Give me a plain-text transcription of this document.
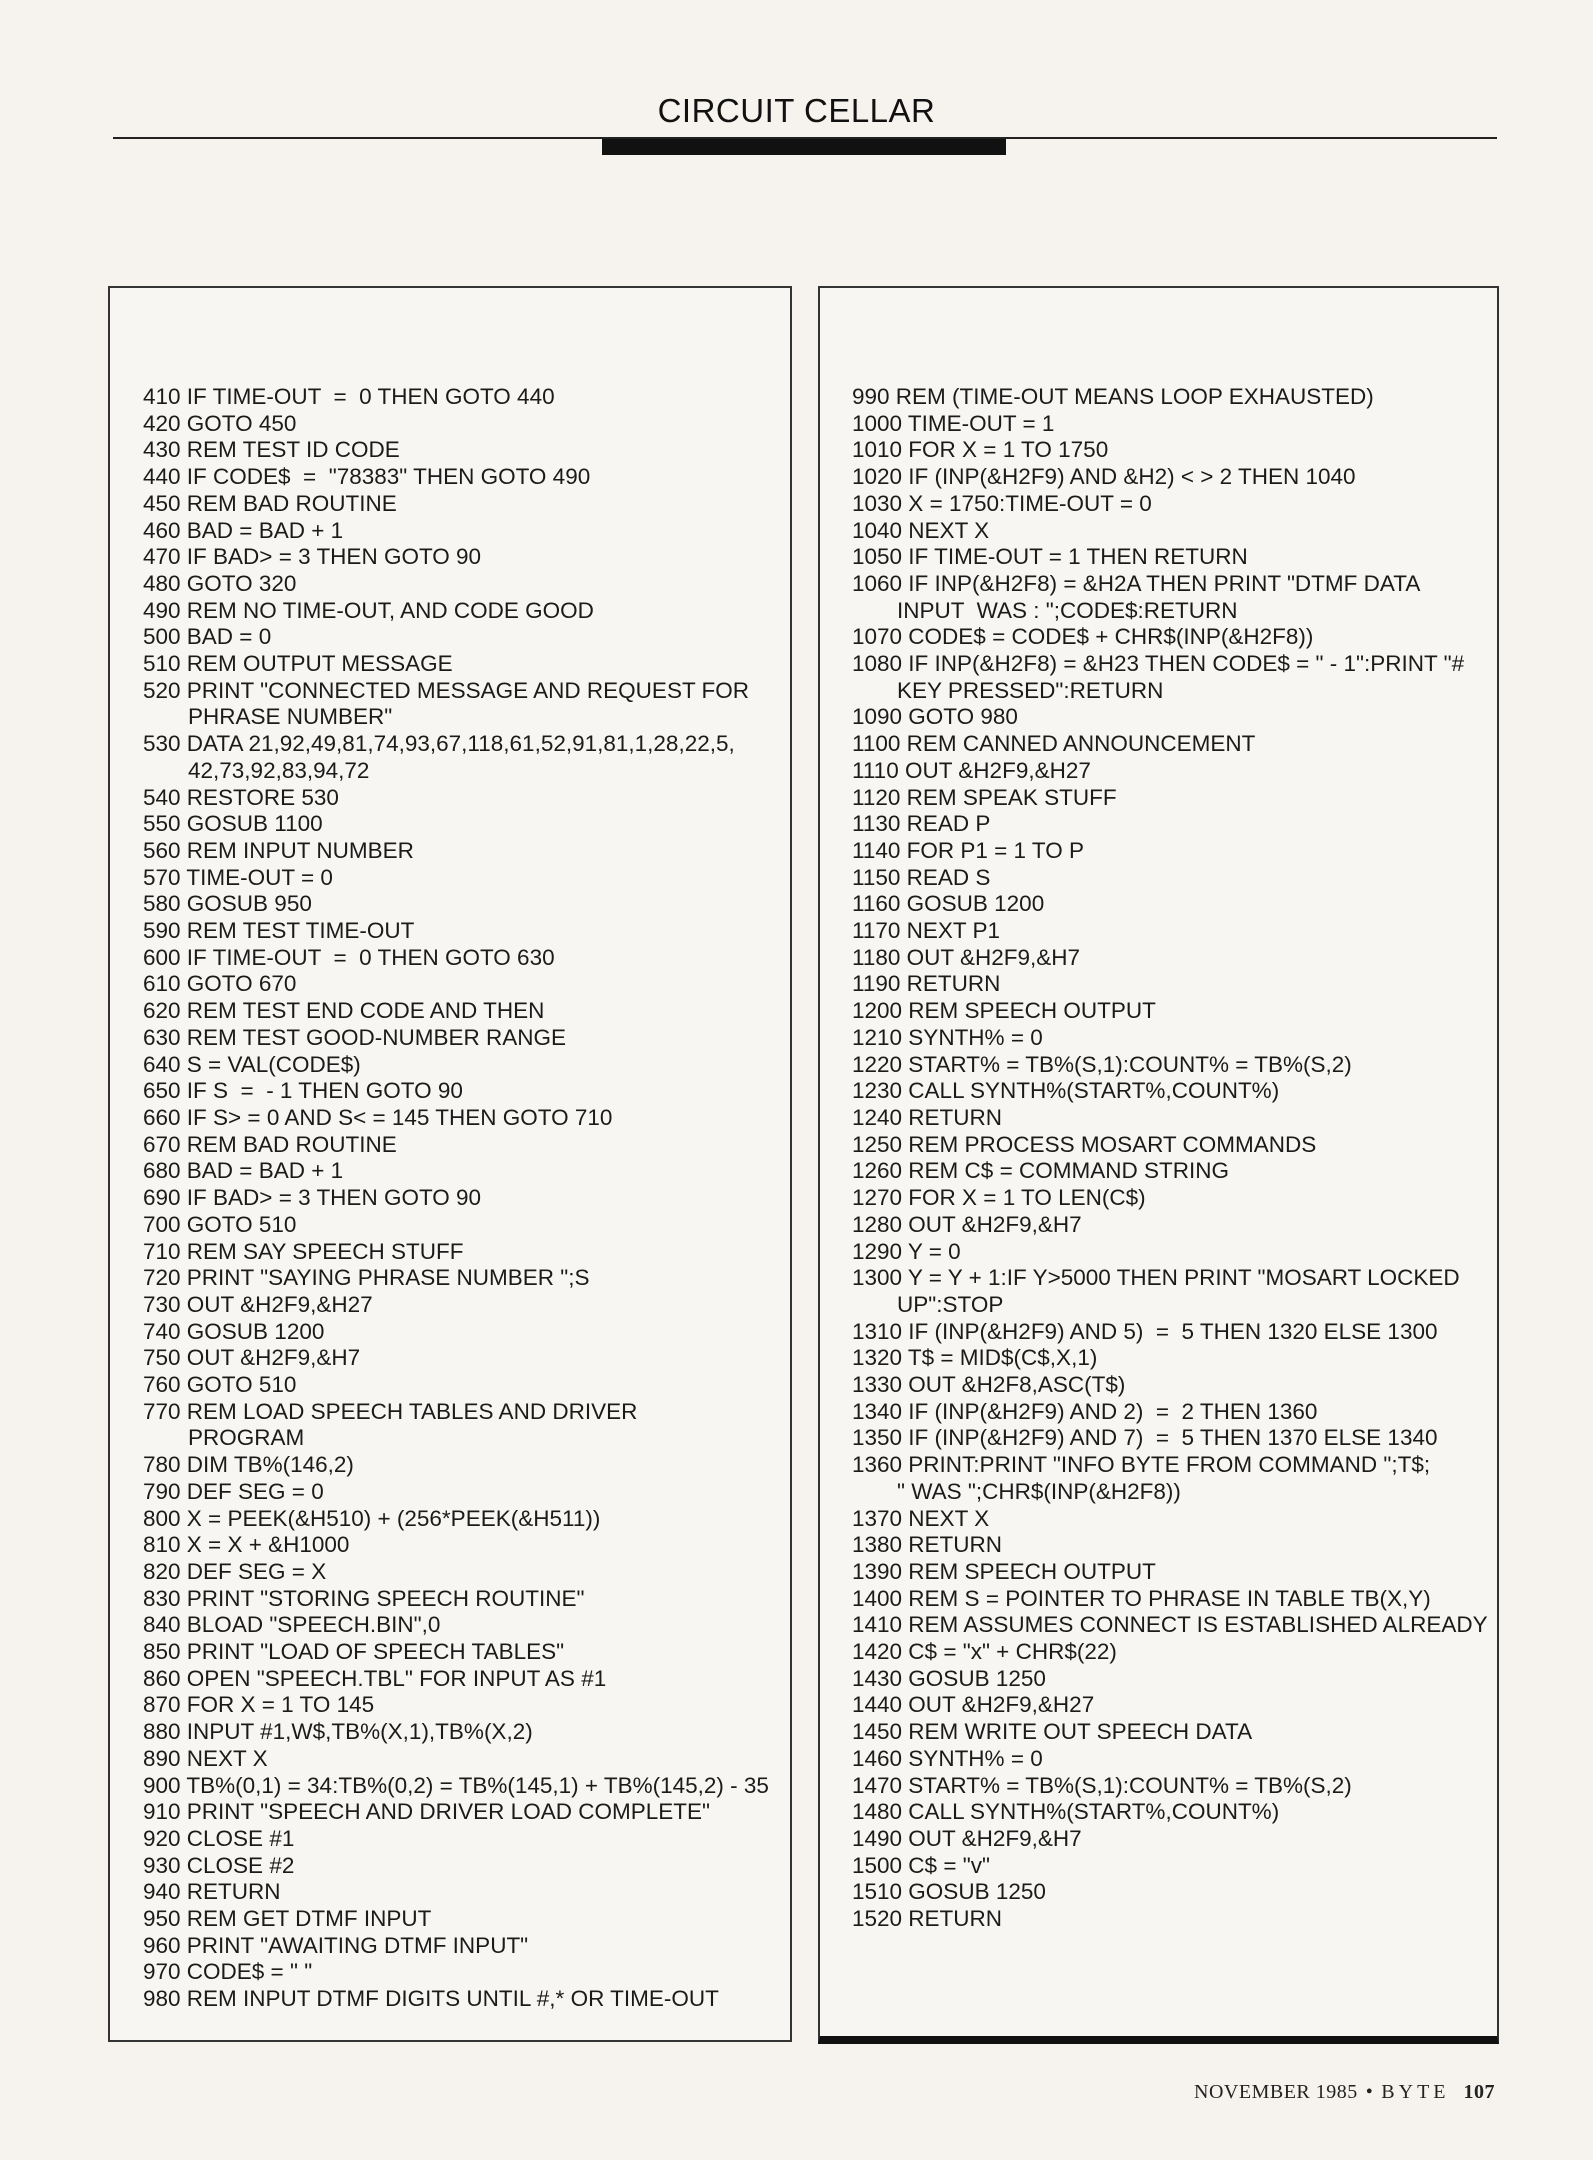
CIRCUIT CELLAR
410 IF TIME-OUT  =  0 THEN GOTO 440
420 GOTO 450
430 REM TEST ID CODE
440 IF CODE$  =  "78383" THEN GOTO 490
450 REM BAD ROUTINE
460 BAD = BAD + 1
470 IF BAD> = 3 THEN GOTO 90
480 GOTO 320
490 REM NO TIME-OUT, AND CODE GOOD
500 BAD = 0
510 REM OUTPUT MESSAGE
520 PRINT "CONNECTED MESSAGE AND REQUEST FOR
PHRASE NUMBER"
530 DATA 21,92,49,81,74,93,67,118,61,52,91,81,1,28,22,5,
42,73,92,83,94,72
540 RESTORE 530
550 GOSUB 1100
560 REM INPUT NUMBER
570 TIME-OUT = 0
580 GOSUB 950
590 REM TEST TIME-OUT
600 IF TIME-OUT  =  0 THEN GOTO 630
610 GOTO 670
620 REM TEST END CODE AND THEN
630 REM TEST GOOD-NUMBER RANGE
640 S = VAL(CODE$)
650 IF S  =  - 1 THEN GOTO 90
660 IF S> = 0 AND S< = 145 THEN GOTO 710
670 REM BAD ROUTINE
680 BAD = BAD + 1
690 IF BAD> = 3 THEN GOTO 90
700 GOTO 510
710 REM SAY SPEECH STUFF
720 PRINT "SAYING PHRASE NUMBER ";S
730 OUT &H2F9,&H27
740 GOSUB 1200
750 OUT &H2F9,&H7
760 GOTO 510
770 REM LOAD SPEECH TABLES AND DRIVER
PROGRAM
780 DIM TB%(146,2)
790 DEF SEG = 0
800 X = PEEK(&H510) + (256*PEEK(&H511))
810 X = X + &H1000
820 DEF SEG = X
830 PRINT "STORING SPEECH ROUTINE"
840 BLOAD "SPEECH.BIN",0
850 PRINT "LOAD OF SPEECH TABLES"
860 OPEN "SPEECH.TBL" FOR INPUT AS #1
870 FOR X = 1 TO 145
880 INPUT #1,W$,TB%(X,1),TB%(X,2)
890 NEXT X
900 TB%(0,1) = 34:TB%(0,2) = TB%(145,1) + TB%(145,2) - 35
910 PRINT "SPEECH AND DRIVER LOAD COMPLETE"
920 CLOSE #1
930 CLOSE #2
940 RETURN
950 REM GET DTMF INPUT
960 PRINT "AWAITING DTMF INPUT"
970 CODE$ = " "
980 REM INPUT DTMF DIGITS UNTIL #,* OR TIME-OUT
990 REM (TIME-OUT MEANS LOOP EXHAUSTED)
1000 TIME-OUT = 1
1010 FOR X = 1 TO 1750
1020 IF (INP(&H2F9) AND &H2) < > 2 THEN 1040
1030 X = 1750:TIME-OUT = 0
1040 NEXT X
1050 IF TIME-OUT = 1 THEN RETURN
1060 IF INP(&H2F8) = &H2A THEN PRINT "DTMF DATA
INPUT  WAS : ";CODE$:RETURN
1070 CODE$ = CODE$ + CHR$(INP(&H2F8))
1080 IF INP(&H2F8) = &H23 THEN CODE$ = " - 1":PRINT "#
KEY PRESSED":RETURN
1090 GOTO 980
1100 REM CANNED ANNOUNCEMENT
1110 OUT &H2F9,&H27
1120 REM SPEAK STUFF
1130 READ P
1140 FOR P1 = 1 TO P
1150 READ S
1160 GOSUB 1200
1170 NEXT P1
1180 OUT &H2F9,&H7
1190 RETURN
1200 REM SPEECH OUTPUT
1210 SYNTH% = 0
1220 START% = TB%(S,1):COUNT% = TB%(S,2)
1230 CALL SYNTH%(START%,COUNT%)
1240 RETURN
1250 REM PROCESS MOSART COMMANDS
1260 REM C$ = COMMAND STRING
1270 FOR X = 1 TO LEN(C$)
1280 OUT &H2F9,&H7
1290 Y = 0
1300 Y = Y + 1:IF Y>5000 THEN PRINT "MOSART LOCKED
UP":STOP
1310 IF (INP(&H2F9) AND 5)  =  5 THEN 1320 ELSE 1300
1320 T$ = MID$(C$,X,1)
1330 OUT &H2F8,ASC(T$)
1340 IF (INP(&H2F9) AND 2)  =  2 THEN 1360
1350 IF (INP(&H2F9) AND 7)  =  5 THEN 1370 ELSE 1340
1360 PRINT:PRINT "INFO BYTE FROM COMMAND ";T$;
" WAS ";CHR$(INP(&H2F8))
1370 NEXT X
1380 RETURN
1390 REM SPEECH OUTPUT
1400 REM S = POINTER TO PHRASE IN TABLE TB(X,Y)
1410 REM ASSUMES CONNECT IS ESTABLISHED ALREADY
1420 C$ = "x" + CHR$(22)
1430 GOSUB 1250
1440 OUT &H2F9,&H27
1450 REM WRITE OUT SPEECH DATA
1460 SYNTH% = 0
1470 START% = TB%(S,1):COUNT% = TB%(S,2)
1480 CALL SYNTH%(START%,COUNT%)
1490 OUT &H2F9,&H7
1500 C$ = "v"
1510 GOSUB 1250
1520 RETURN
NOVEMBER 1985 • BYTE 107
